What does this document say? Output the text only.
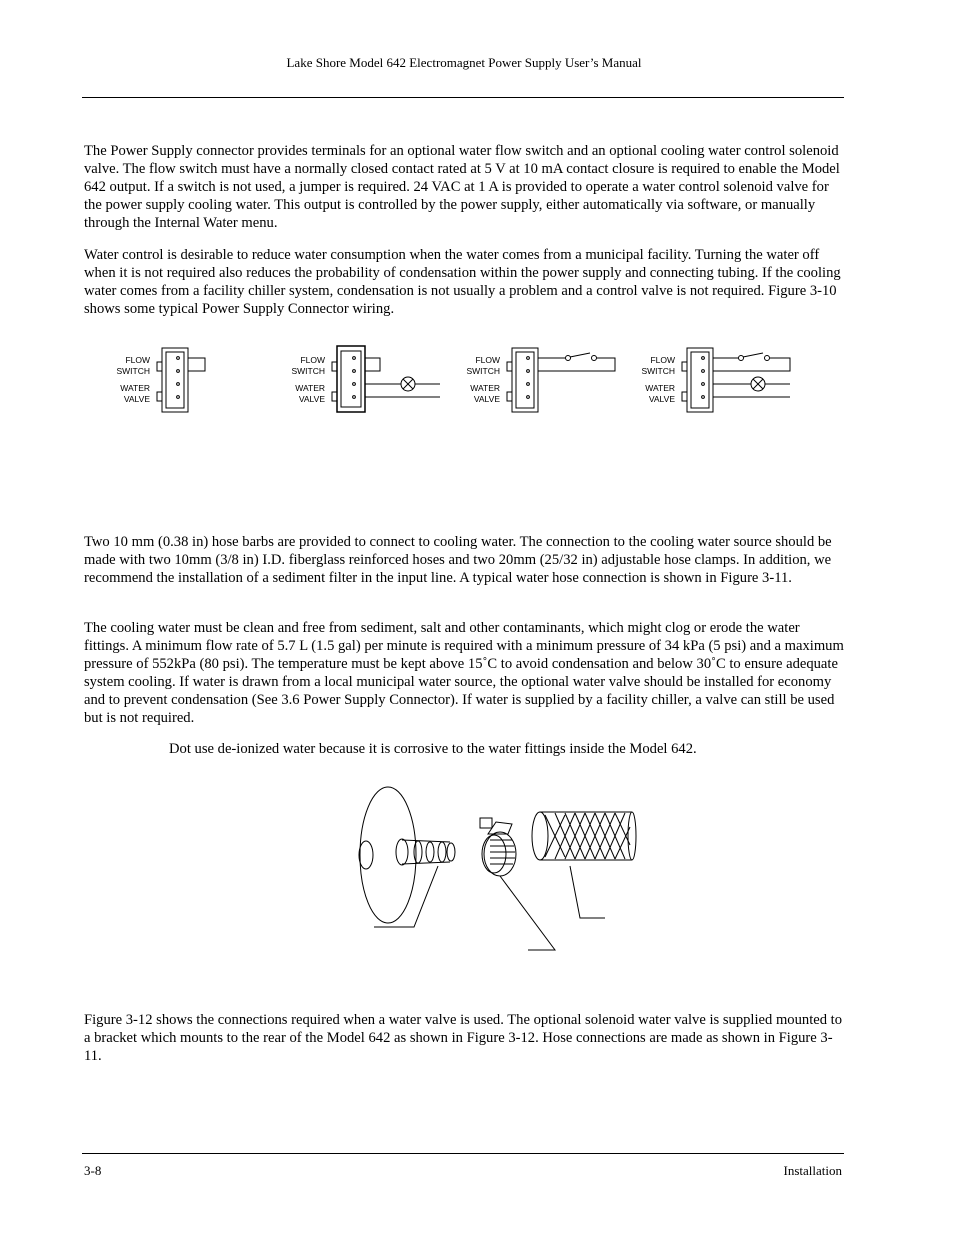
Lake Shore Model 642 Electromagnet Power Supply User’s Manual

The Power Supply connector provides terminals for an optional water flow switch and an optional cooling water control solenoid valve. The flow switch must have a normally closed contact rated at 5 V at 10 mA contact closure is required to enable the Model 642 output. If a switch is not used, a jumper is required. 24 VAC at 1 A is provided to operate a water control solenoid valve for the power supply cooling water. This output is controlled by the power supply, either automatically via software, or manually through the Internal Water menu.

Water control is desirable to reduce water consumption when the water comes from a municipal facility. Turning the water off when it is not required also reduces the probability of condensation within the power supply and connecting tubing. If the cooling water comes from a facility chiller system, condensation is not usually a problem and a control valve is not required. Figure 3-10 shows some typical Power Supply Connector wiring.

FLOW
SWITCH
WATER
VALVE
FLOW
SWITCH
WATER
VALVE
FLOW
SWITCH
WATER
VALVE
FLOW
SWITCH
WATER
VALVE

Two 10 mm (0.38 in) hose barbs are provided to connect to cooling water. The connection to the cooling water source should be made with two 10mm (3/8 in) I.D. fiberglass reinforced hoses and two 20mm (25/32 in) adjustable hose clamps. In addition, we recommend the installation of a sediment filter in the input line. A typical water hose connection is shown in Figure 3-11.

The cooling water must be clean and free from sediment, salt and other contaminants, which might clog or erode the water fittings. A minimum flow rate of 5.7 L (1.5 gal) per minute is required with a minimum pressure of 34 kPa (5 psi) and a maximum pressure of 552kPa (80 psi). The temperature must be kept above 15˚C to avoid condensation and below 30˚C to ensure adequate system cooling. If water is drawn from a local municipal water source, the optional water valve should be installed for economy and to prevent condensation (See 3.6 Power Supply Connector). If water is supplied by a facility chiller, a valve can still be used but is not required.

Dot use de-ionized water because it is corrosive to the water fittings inside the Model 642.

Figure 3-12 shows the connections required when a water valve is used. The optional solenoid water valve is supplied mounted to a bracket which mounts to the rear of the Model 642 as shown in Figure 3-12. Hose connections are made as shown in Figure 3-11.

3-8	Installation
